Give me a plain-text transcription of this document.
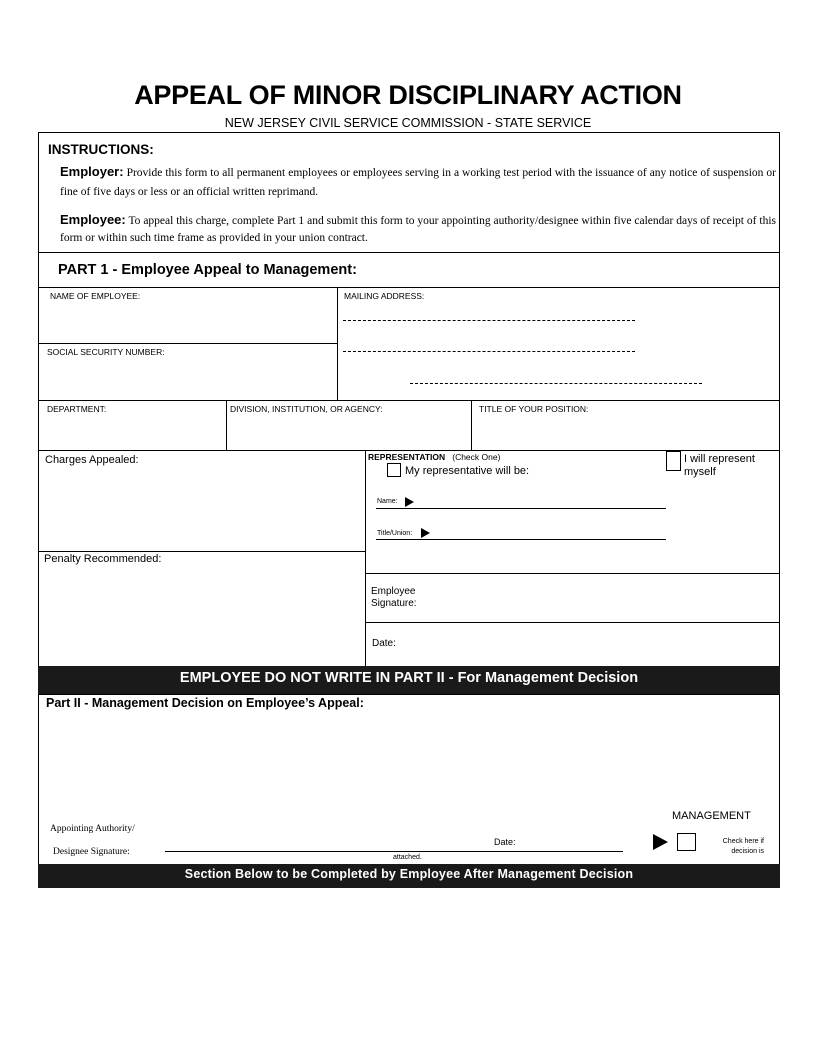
APPEAL OF MINOR DISCIPLINARY ACTION
NEW JERSEY CIVIL SERVICE COMMISSION - STATE SERVICE
INSTRUCTIONS:

Employer: Provide this form to all permanent employees or employees serving in a working test period with the issuance of any notice of suspension or fine of five days or less or an official written reprimand.

Employee: To appeal this charge, complete Part 1 and submit this form to your appointing authority/designee within five calendar days of receipt of this form or within such time frame as provided in your union contract.

PART 1 - Employee Appeal to Management:
NAME OF EMPLOYEE:
SOCIAL SECURITY NUMBER:
MAILING ADDRESS:
DEPARTMENT:	DIVISION, INSTITUTION, OR AGENCY:	TITLE OF YOUR POSITION:
Charges Appealed:
Penalty Recommended:
REPRESENTATION (Check One)
My representative will be:
I will represent myself
Name:
Title/Union:
Employee Signature:
Date:
EMPLOYEE DO NOT WRITE IN PART II - For Management Decision
Part II - Management Decision on Employee’s Appeal:
Appointing Authority/
Designee Signature:
Date:
attached.
MANAGEMENT
Check here if decision is
Section Below to be Completed by Employee After Management Decision
